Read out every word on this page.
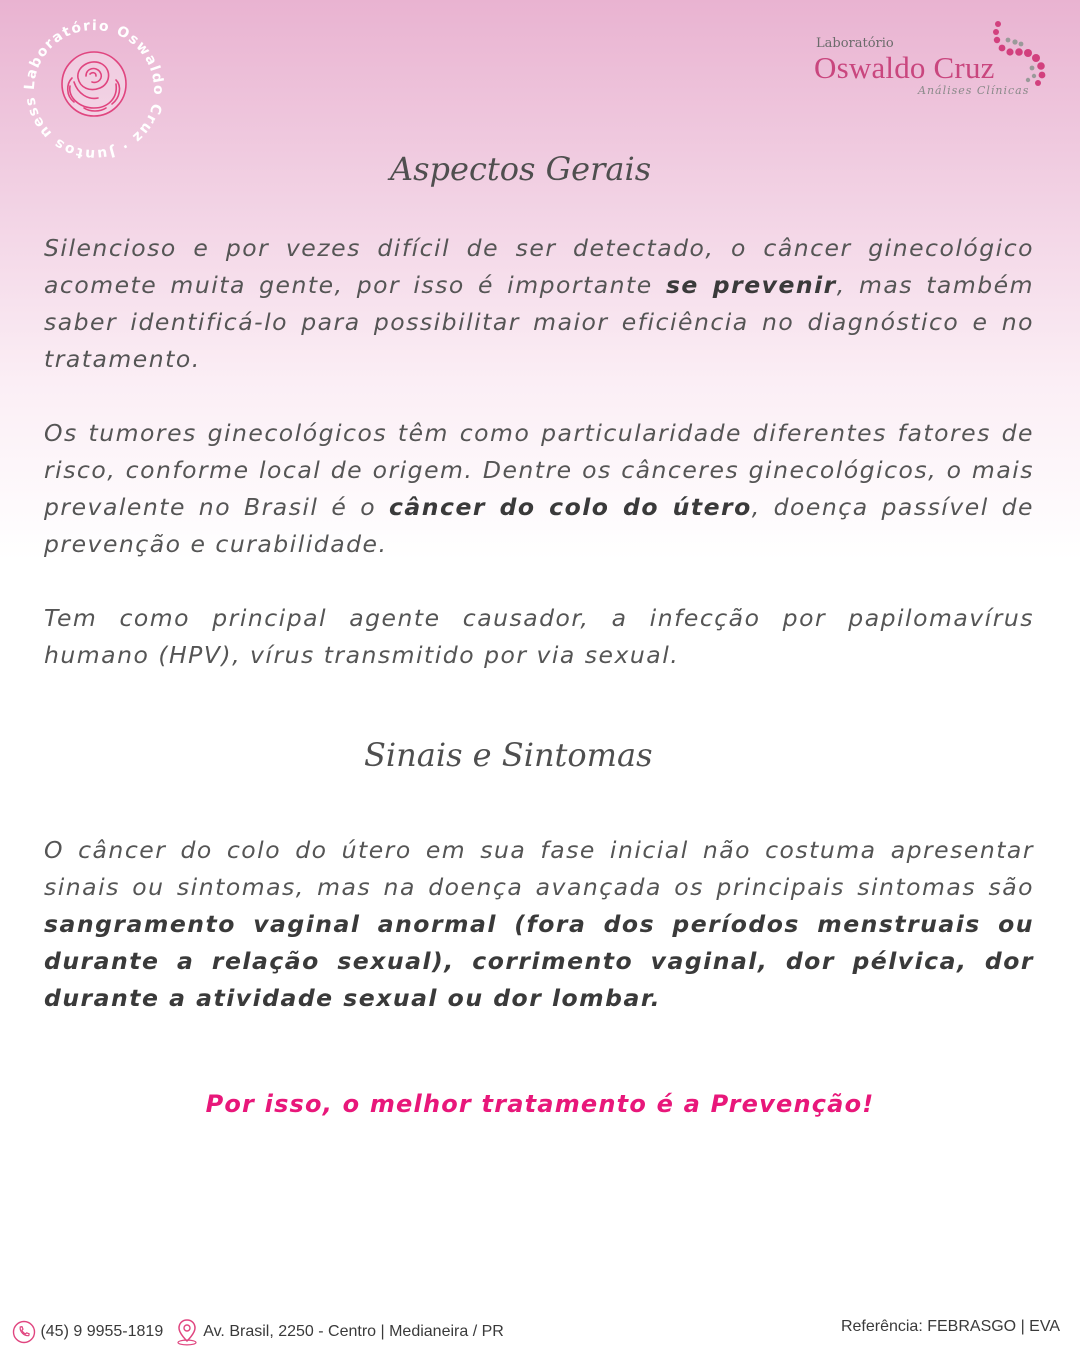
Laboratório Oswaldo Cruz · Juntos ness
Laboratório
Oswaldo Cruz
Análises Clínicas
Aspectos Gerais

Silencioso e por vezes difícil de ser detectado, o câncer ginecológico acomete muita gente, por isso é importante se prevenir, mas também saber identificá-lo para possibilitar maior eficiência no diagnóstico e no tratamento.

Os tumores ginecológicos têm como particularidade diferentes fatores de risco, conforme local de origem. Dentre os cânceres ginecológicos, o mais prevalente no Brasil é o câncer do colo do útero, doença passível de prevenção e curabilidade.

Tem como principal agente causador, a infecção por papilomavírus humano (HPV), vírus transmitido por via sexual.

Sinais e Sintomas

O câncer do colo do útero em sua fase inicial não costuma apresentar sinais ou sintomas, mas na doença avançada os principais sintomas são sangramento vaginal anormal (fora dos períodos menstruais ou durante a relação sexual), corrimento vaginal, dor pélvica, dor durante a atividade sexual ou dor lombar.

Por isso, o melhor tratamento é a Prevenção!
(45) 9 9955-1819	Av. Brasil, 2250 - Centro | Medianeira / PR	Referência: FEBRASGO | EVA
